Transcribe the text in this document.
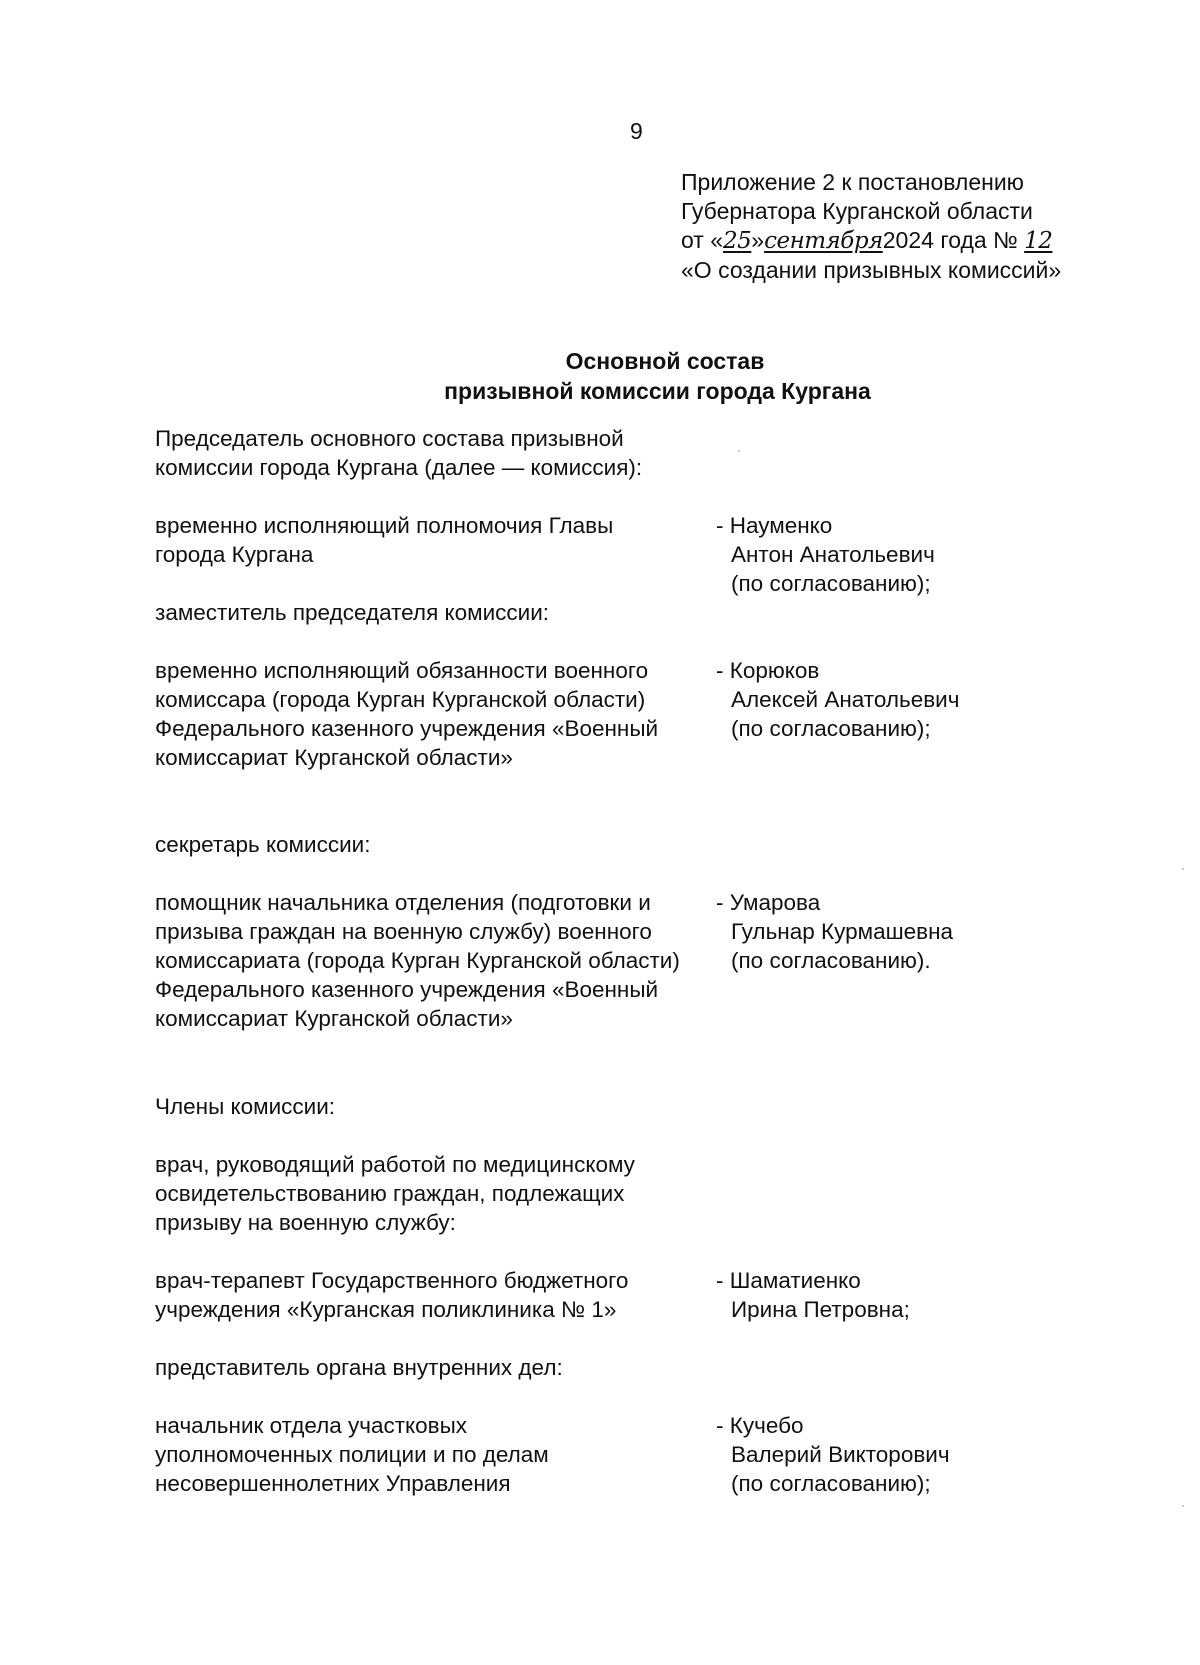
9
Приложение 2 к постановлению
Губернатора Курганской области
от «25»сентября2024 года № 12
«О создании призывных комиссий»
Основной состав
призывной комиссии города Кургана
Председатель основного состава призывной комиссии города Кургана (далее — комиссия):
временно исполняющий полномочия Главы города Кургана
- Науменко
Антон Анатольевич
(по согласованию);
заместитель председателя комиссии:
временно исполняющий обязанности военного комиссара (города Курган Курганской области) Федерального казенного учреждения «Военный комиссариат Курганской области»
- Корюков
Алексей Анатольевич
(по согласованию);
секретарь комиссии:
помощник начальника отделения (подготовки и призыва граждан на военную службу) военного комиссариата (города Курган Курганской области) Федерального казенного учреждения «Военный комиссариат Курганской области»
- Умарова
Гульнар Курмашевна
(по согласованию).
Члены комиссии:
врач, руководящий работой по медицинскому освидетельствованию граждан, подлежащих призыву на военную службу:
врач-терапевт Государственного бюджетного учреждения «Курганская поликлиника № 1»
- Шаматиенко
Ирина Петровна;
представитель органа внутренних дел:
начальник отдела участковых уполномоченных полиции и по делам несовершеннолетних Управления
- Кучебо
Валерий Викторович
(по согласованию);
